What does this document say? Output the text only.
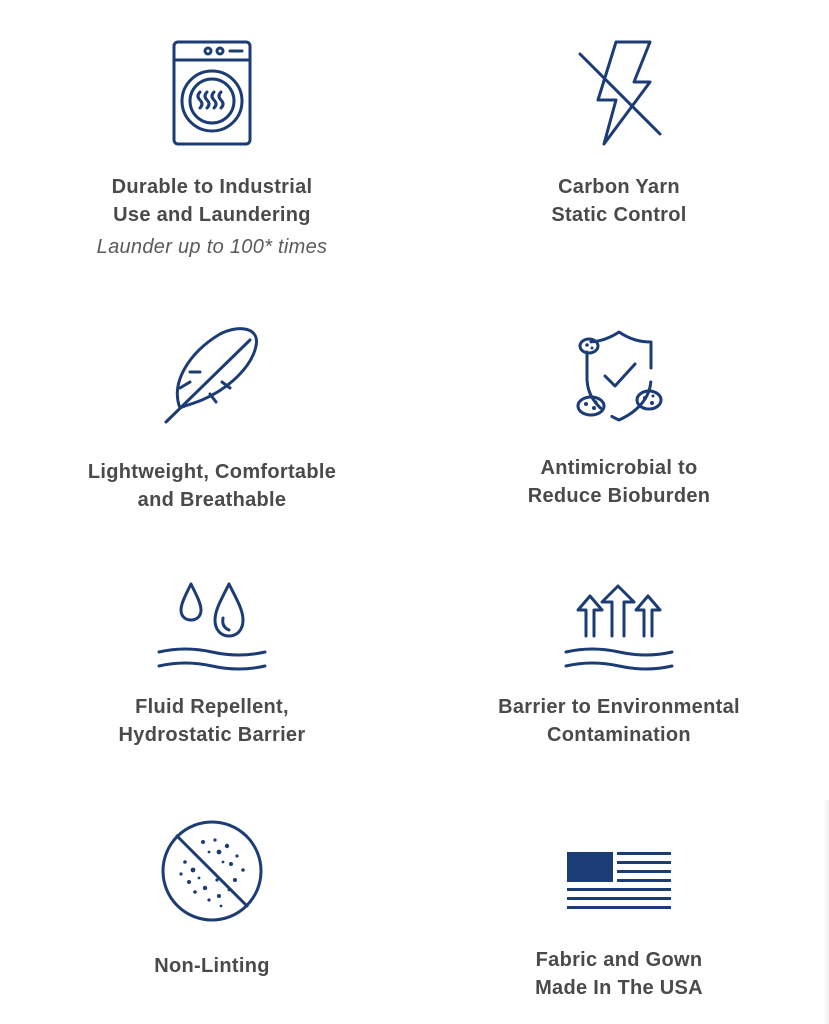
Durable to Industrial
Use and Laundering
Launder up to 100* times
Carbon Yarn
Static Control
Lightweight, Comfortable
and Breathable
Antimicrobial to
Reduce Bioburden
Fluid Repellent,
Hydrostatic Barrier
Barrier to Environmental
Contamination
Non-Linting	Fabric and Gown
Made In The USA
